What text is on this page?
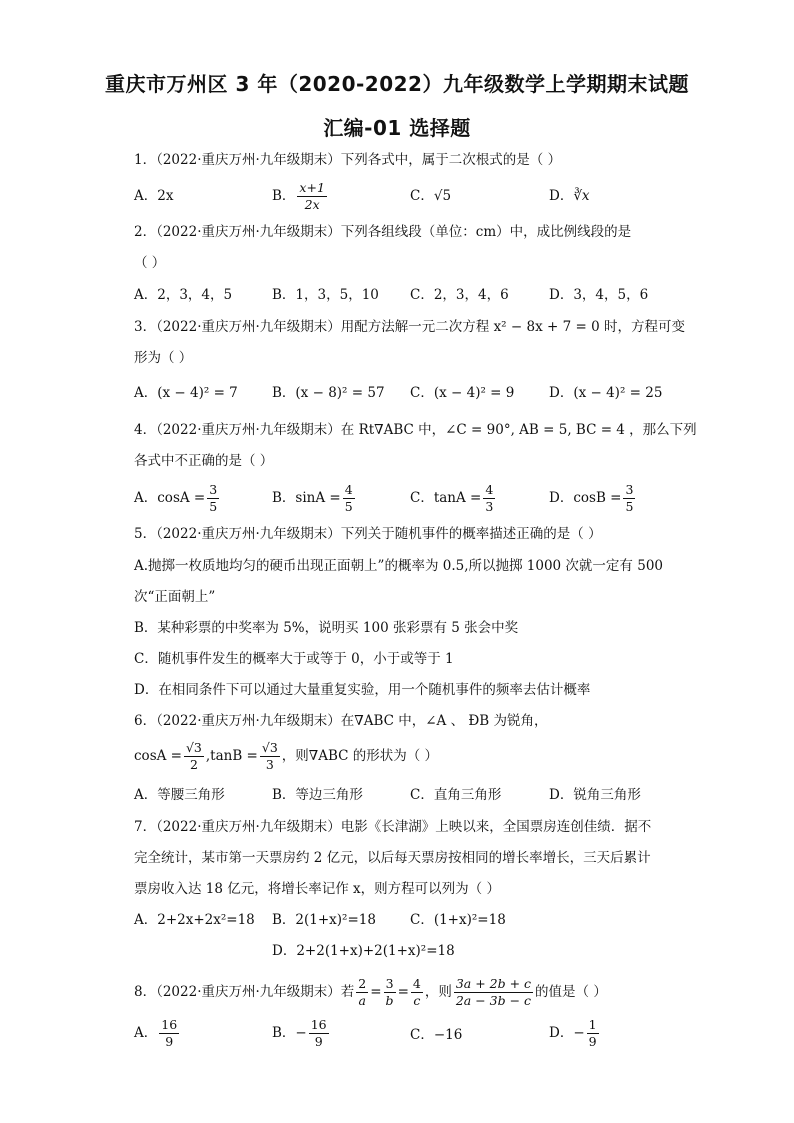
重庆市万州区 3 年（2020-2022）九年级数学上学期期末试题
汇编-01 选择题
1．（2022·重庆万州·九年级期末）下列各式中，属于二次根式的是（ ）
A．2x	B． $\frac{x+1}{2x}$	C．√5	D．∛x
2．（2022·重庆万州·九年级期末）下列各组线段（单位：cm）中，成比例线段的是
（ ）
A．2，3，4，5	B．1，3，5，10 C．2，3，4，6	D．3，4，5，6
3．（2022·重庆万州·九年级期末）用配方法解一元二次方程 x² − 8x + 7 = 0 时，方程可变
形为（ ）
A．(x − 4)² = 7	B．(x − 8)² = 57 C．(x − 4)² = 9	D．(x − 4)² = 25
4．（2022·重庆万州·九年级期末）在 Rt∇ABC 中，∠C = 90°, AB = 5, BC = 4 ，那么下列
各式中不正确的是（ ）
A．$\cos A = \frac{3}{5}$	B．$\sin A = \frac{4}{5}$	C．$\tan A = \frac{4}{3}$	D．$\cos B = \frac{3}{5}$
5．（2022·重庆万州·九年级期末）下列关于随机事件的概率描述正确的是（ ）
A.抛掷一枚质地均匀的硬币出现正面朝上”的概率为 0.5,所以抛掷 1000 次就一定有 500
次“正面朝上”
B．某种彩票的中奖率为 5%，说明买 100 张彩票有 5 张会中奖
C．随机事件发生的概率大于或等于 0，小于或等于 1
D．在相同条件下可以通过大量重复实验，用一个随机事件的频率去估计概率
6．（2022·重庆万州·九年级期末）在∇ABC 中，∠A 、 ÐB 为锐角，
$\cos A = \frac{√3}{2} ,\tan B = \frac{√3}{3}$ ，则∇ABC 的形状为（ ）
A．等腰三角形	B．等边三角形	C．直角三角形	D．锐角三角形
7．（2022·重庆万州·九年级期末）电影《长津湖》上映以来，全国票房连创佳绩．据不
完全统计，某市第一天票房约 2 亿元，以后每天票房按相同的增长率增长，三天后累计
票房收入达 18 亿元，将增长率记作 x，则方程可以列为（ ）
A．2+2x+2x²=18 B．2(1+x)²=18	C．(1+x)²=18
D．2+2(1+x)+2(1+x)²=18
8．（2022·重庆万州·九年级期末）若 $\frac{2}{a} = \frac{3}{b} = \frac{4}{c}$ ，则 $\frac{3a + 2b + c}{2a - 3b - c}$ 的值是（ ）
A． $\frac{16}{9}$	B．− $\frac{16}{9}$	C．−16	D．− $\frac{1}{9}$
